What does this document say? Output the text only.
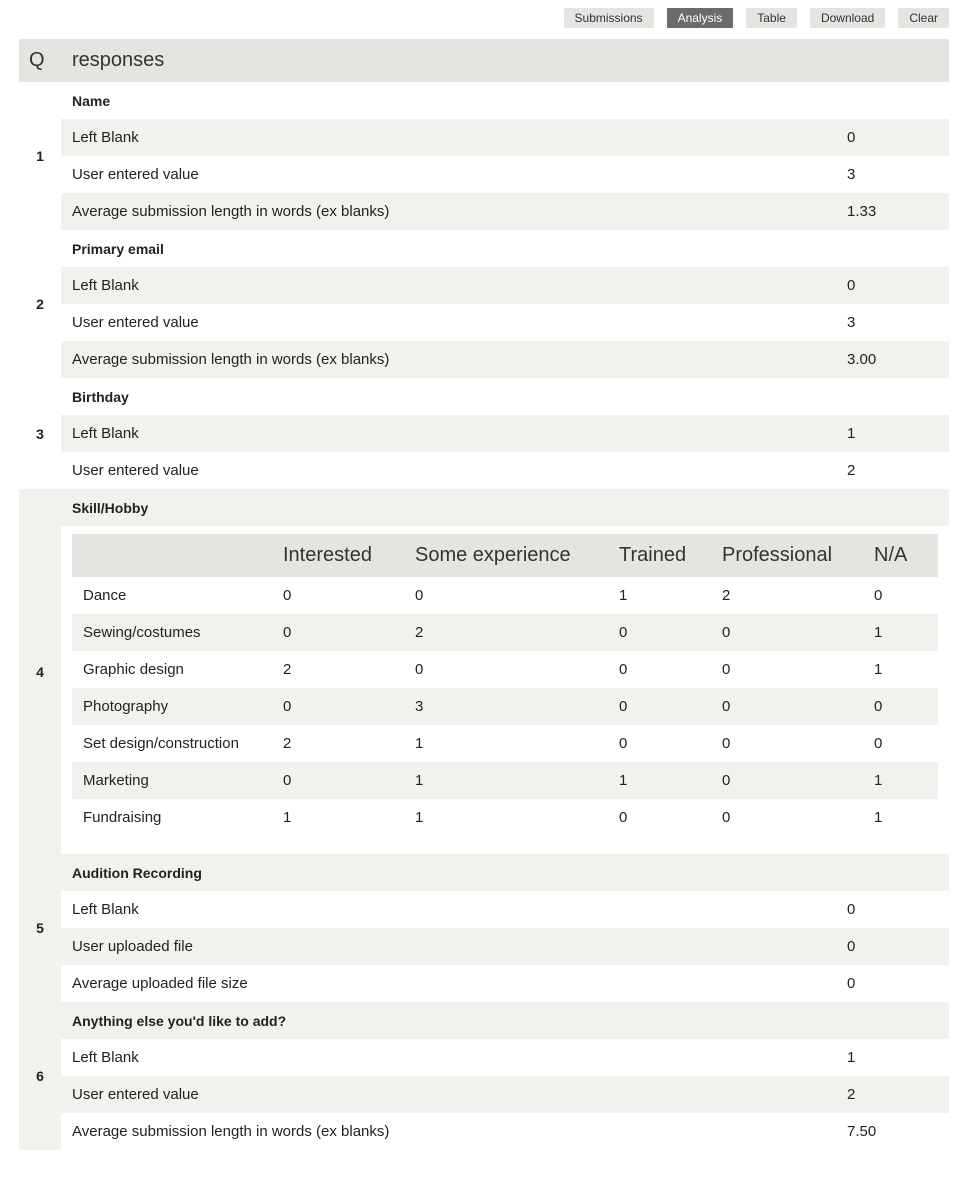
Submissions	Analysis	Table	Download	Clear
Q	responses
1
Name
Left Blank	0
User entered value	3
Average submission length in words (ex blanks)	1.33
2
Primary email
Left Blank	0
User entered value	3
Average submission length in words (ex blanks)	3.00
3
Birthday
Left Blank	1
User entered value	2
4
Skill/Hobby
	Interested	Some experience	Trained	Professional	N/A
Dance	0	0	1	2	0
Sewing/costumes	0	2	0	0	1
Graphic design	2	0	0	0	1
Photography	0	3	0	0	0
Set design/construction	2	1	0	0	0
Marketing	0	1	1	0	1
Fundraising	1	1	0	0	1
5
Audition Recording
Left Blank	0
User uploaded file	0
Average uploaded file size	0
6
Anything else you'd like to add?
Left Blank	1
User entered value	2
Average submission length in words (ex blanks)	7.50
